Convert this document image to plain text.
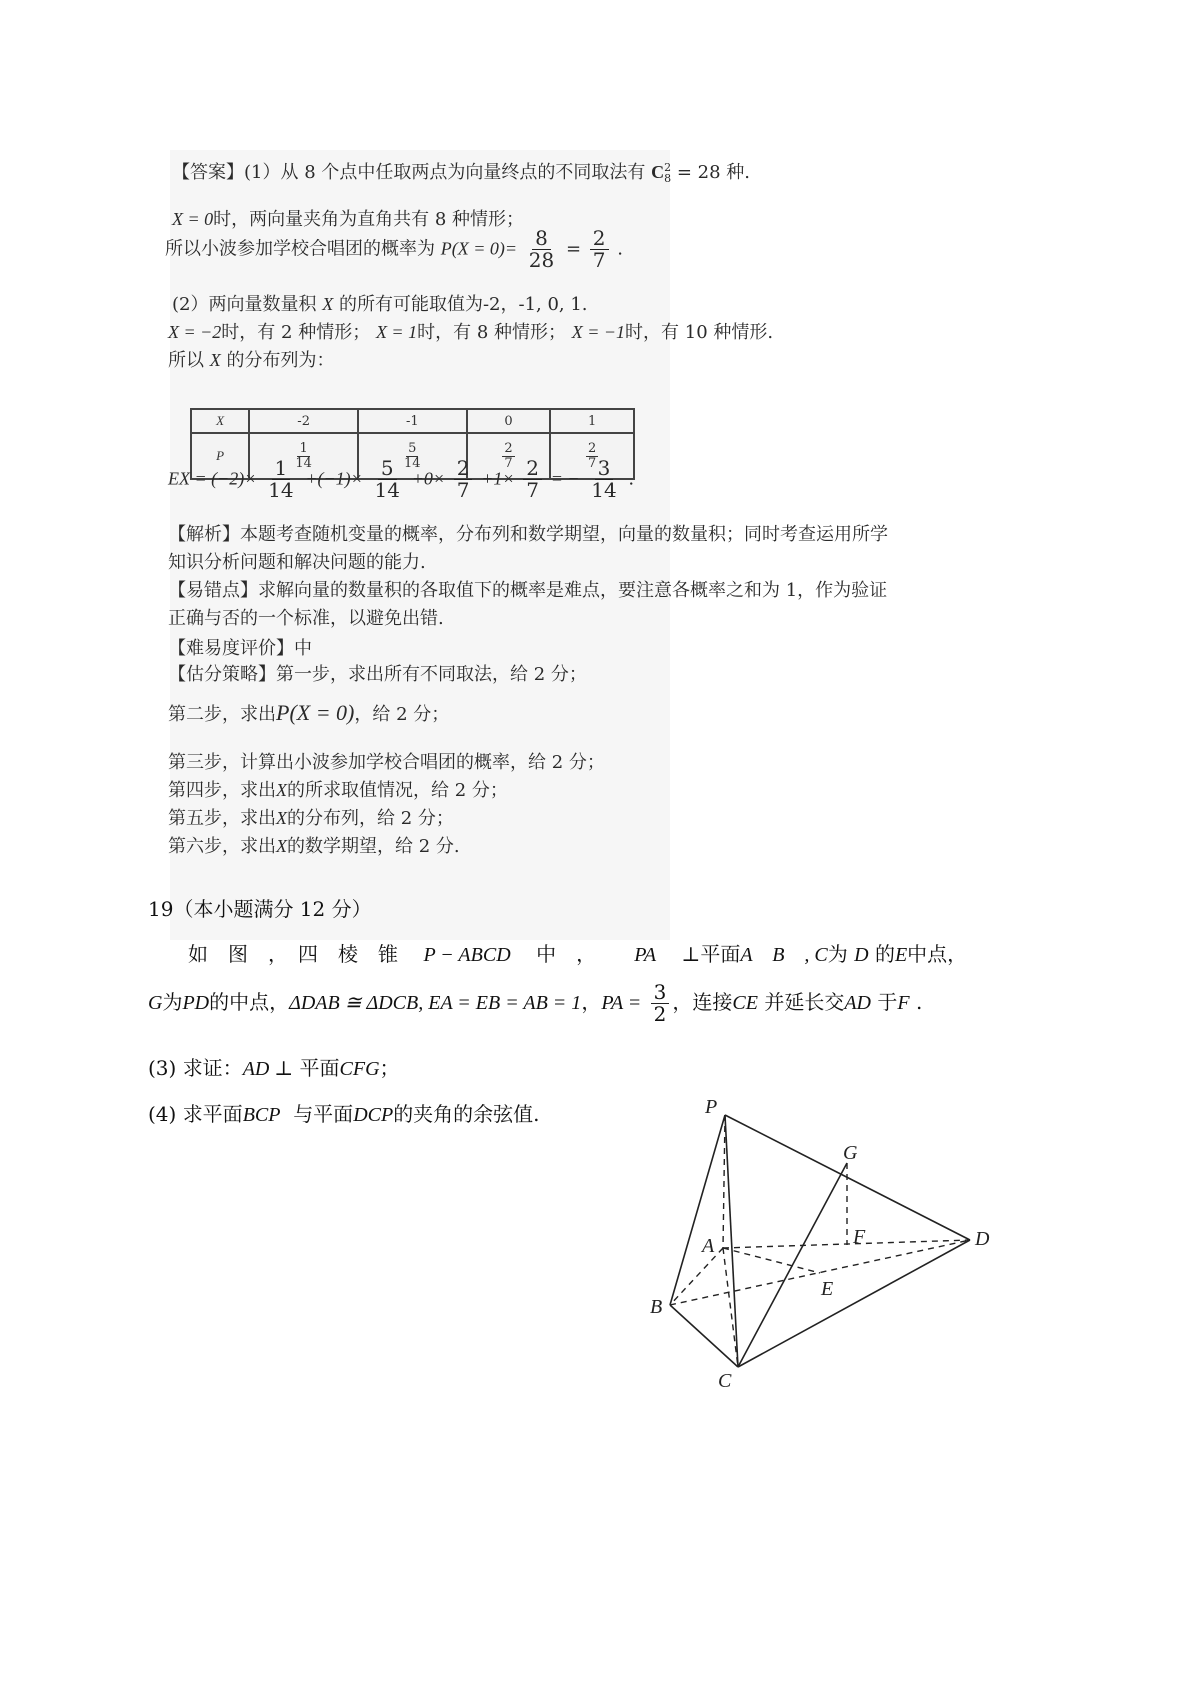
【答案】(1）从 8 个点中任取两点为向量终点的不同取法有 C 2
8 = 28 种.
X = 0时，两向量夹角为直角共有 8 种情形；
所以小波参加学校合唱团的概率为 $P(X = 0)= \frac{8}{28} = \frac{2}{7}$ .
(2）两向量数量积 X 的所有可能取值为-2，-1, 0, 1.
X = −2时，有 2 种情形； X = 1时，有 8 种情形； X = −1时，有 10 种情形.
所以 X 的分布列为：
X	-2	-1	0	1
P	$\frac{1}{14}$	$\frac{5}{14}$	$\frac{2}{7}$	$\frac{2}{7}$
EX = $(-2)\times \frac{1}{14} +(-1)\times \frac{5}{14} +0\times \frac{2}{7} +1\times \frac{2}{7}$ = − $\frac{3}{14}$ .
【解析】本题考查随机变量的概率，分布列和数学期望，向量的数量积；同时考查运用所学
知识分析问题和解决问题的能力.
【易错点】求解向量的数量积的各取值下的概率是难点，要注意各概率之和为 1，作为验证
正确与否的一个标准，以避免出错.
【难易度评价】中
【估分策略】第一步，求出所有不同取法，给 2 分；
第二步，求出P(X = 0)，给 2 分；
第三步，计算出小波参加学校合唱团的概率，给 2 分；
第四步，求出X的所求取值情况，给 2 分；
第五步，求出X的分布列，给 2 分；
第六步，求出X的数学期望，给 2 分.
19（本小题满分 12 分）
如　图　，　四　棱　锥 P − ABCD 中　， PA ⊥平面A　B　, C为 D 的E中点，
G为PD的中点，ΔDAB ≅ ΔDCB, EA = EB = AB = 1，PA = $\frac{3}{2}$ ，连接CE 并延长交AD 于F .
(3) 求证：AD ⊥ 平面CFG；
(4) 求平面BCP 与平面DCP的夹角的余弦值.	P
G
A	F	D
E
B
C
